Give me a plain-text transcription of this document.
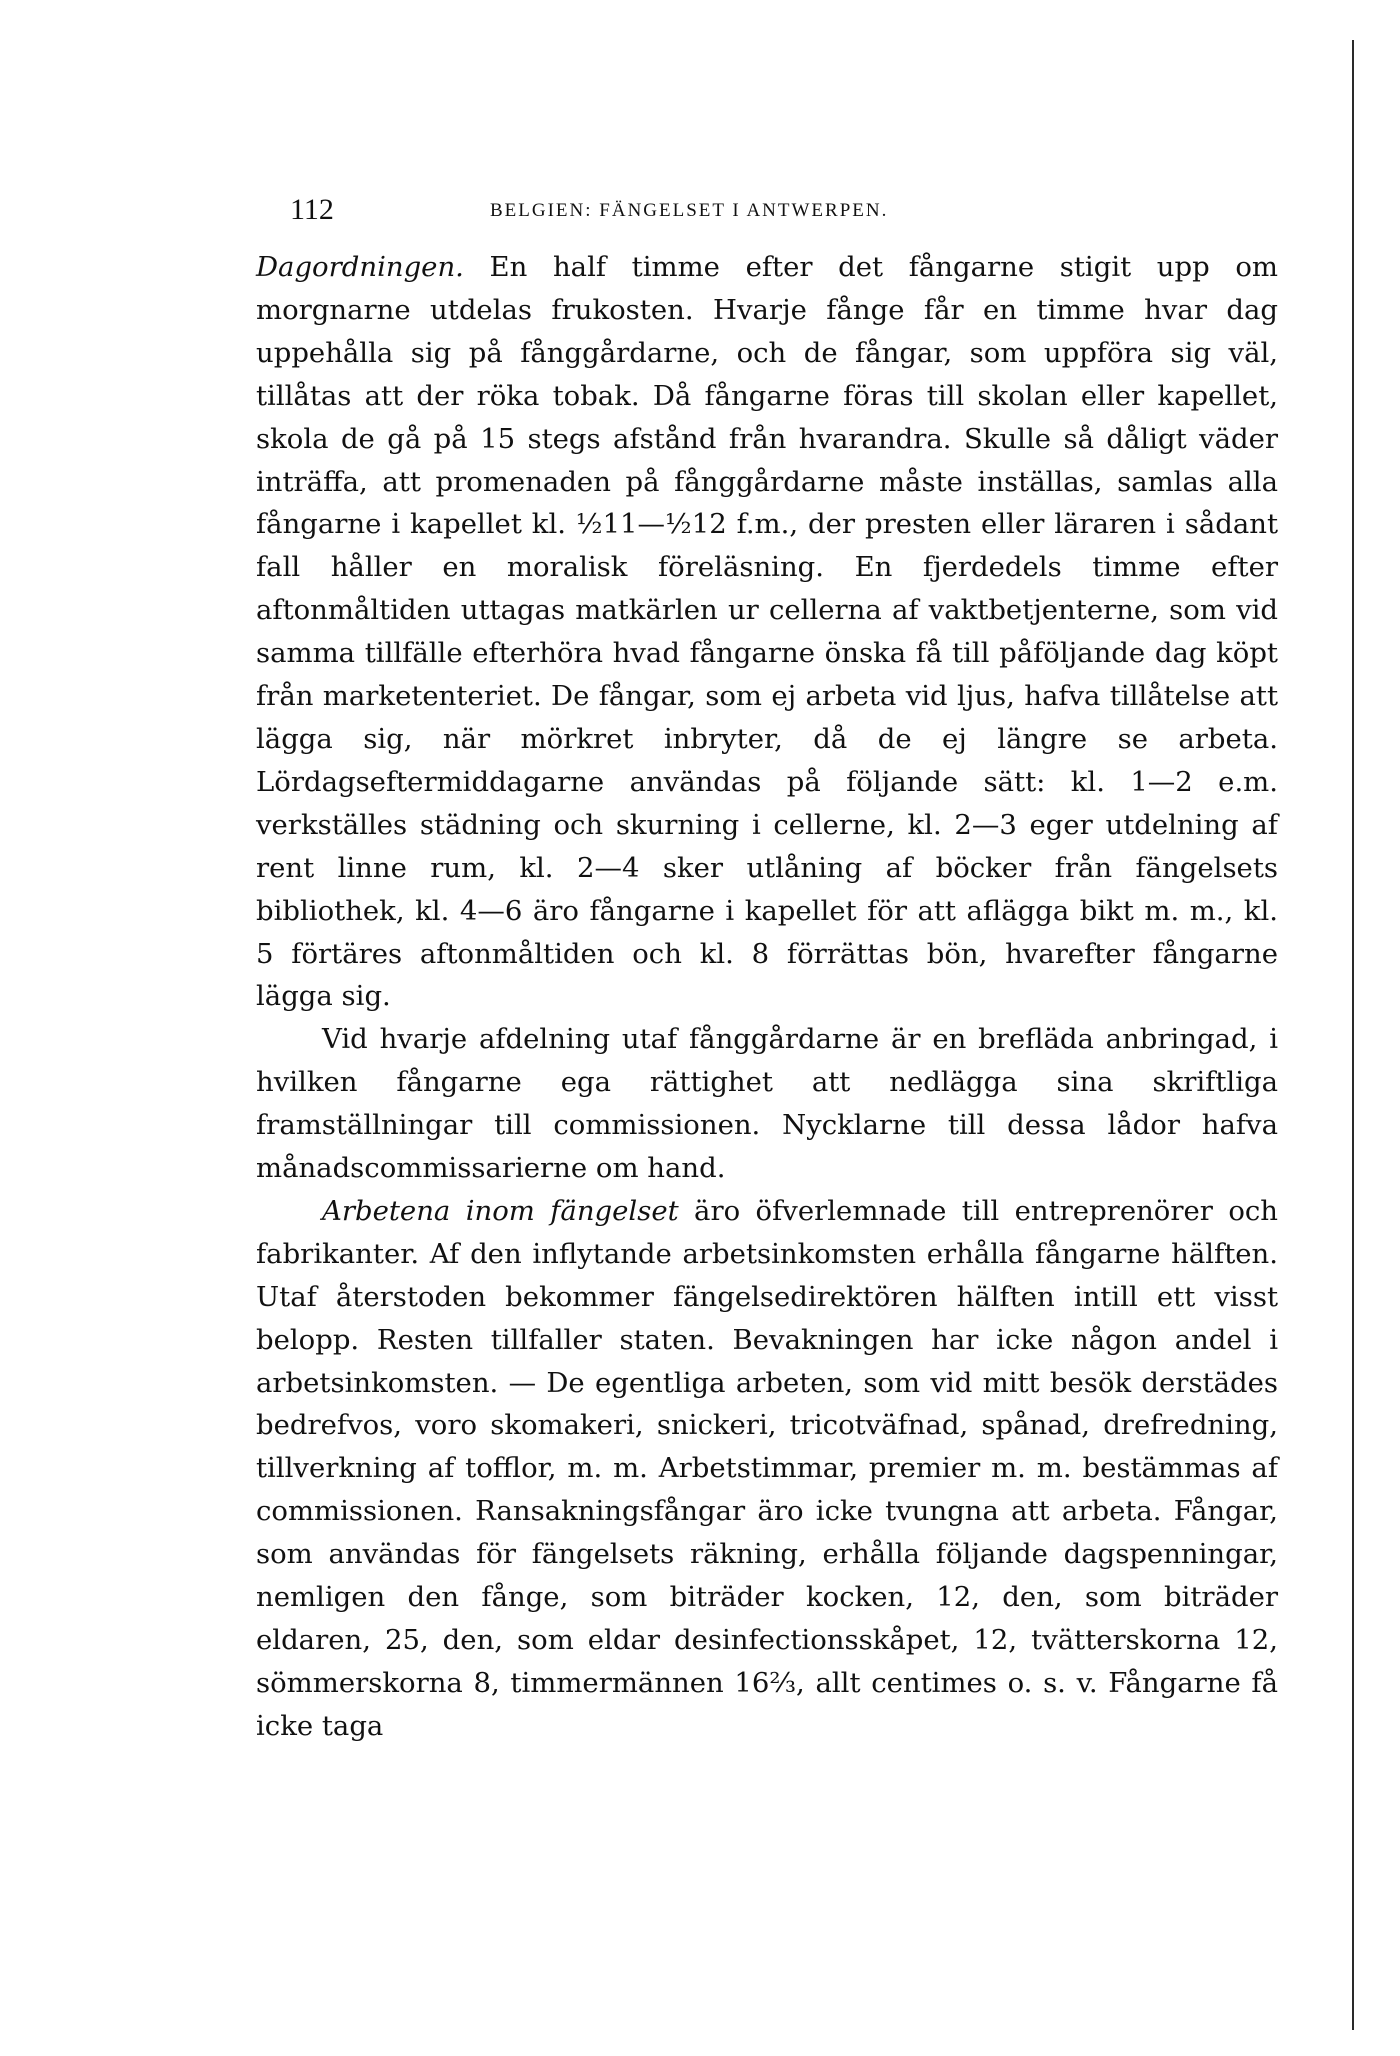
112	BELGIEN: FÄNGELSET I ANTWERPEN.

Dagordningen. En half timme efter det fångarne stigit upp om morgnarne utdelas frukosten. Hvarje fånge får en timme hvar dag uppehålla sig på fånggårdarne, och de fångar, som uppföra sig väl, tillåtas att der röka tobak. Då fångarne föras till skolan eller kapellet, skola de gå på 15 stegs afstånd från hvarandra. Skulle så dåligt väder inträffa, att promenaden på fånggårdarne måste inställas, samlas alla fångarne i kapellet kl. ½11—½12 f.m., der presten eller läraren i sådant fall håller en moralisk föreläsning. En fjerdedels timme efter aftonmåltiden uttagas matkärlen ur cellerna af vaktbetjenterne, som vid samma tillfälle efterhöra hvad fångarne önska få till påföljande dag köpt från marketenteriet. De fångar, som ej arbeta vid ljus, hafva tillåtelse att lägga sig, när mörkret inbryter, då de ej längre se arbeta. Lördagseftermiddagarne användas på följande sätt: kl. 1—2 e.m. verkställes städning och skurning i cellerne, kl. 2—3 eger utdelning af rent linne rum, kl. 2—4 sker utlåning af böcker från fängelsets bibliothek, kl. 4—6 äro fångarne i kapellet för att aflägga bikt m. m., kl. 5 förtäres aftonmåltiden och kl. 8 förrättas bön, hvarefter fångarne lägga sig.

Vid hvarje afdelning utaf fånggårdarne är en brefläda anbringad, i hvilken fångarne ega rättighet att nedlägga sina skriftliga framställningar till commissionen. Nycklarne till dessa lådor hafva månadscommissarierne om hand.

Arbetena inom fängelset äro öfverlemnade till entreprenörer och fabrikanter. Af den inflytande arbetsinkomsten erhålla fångarne hälften. Utaf återstoden bekommer fängelsedirektören hälften intill ett visst belopp. Resten tillfaller staten. Bevakningen har icke någon andel i arbetsinkomsten. — De egentliga arbeten, som vid mitt besök derstädes bedrefvos, voro skomakeri, snickeri, tricotväfnad, spånad, drefredning, tillverkning af tofflor, m. m. Arbetstimmar, premier m. m. bestämmas af commissionen. Ransakningsfångar äro icke tvungna att arbeta. Fångar, som användas för fängelsets räkning, erhålla följande dagspenningar, nemligen den fånge, som biträder kocken, 12, den, som biträder eldaren, 25, den, som eldar desinfectionsskåpet, 12, tvätterskorna 12, sömmerskorna 8, timmermännen 16⅔, allt centimes o. s. v. Fångarne få icke taga
